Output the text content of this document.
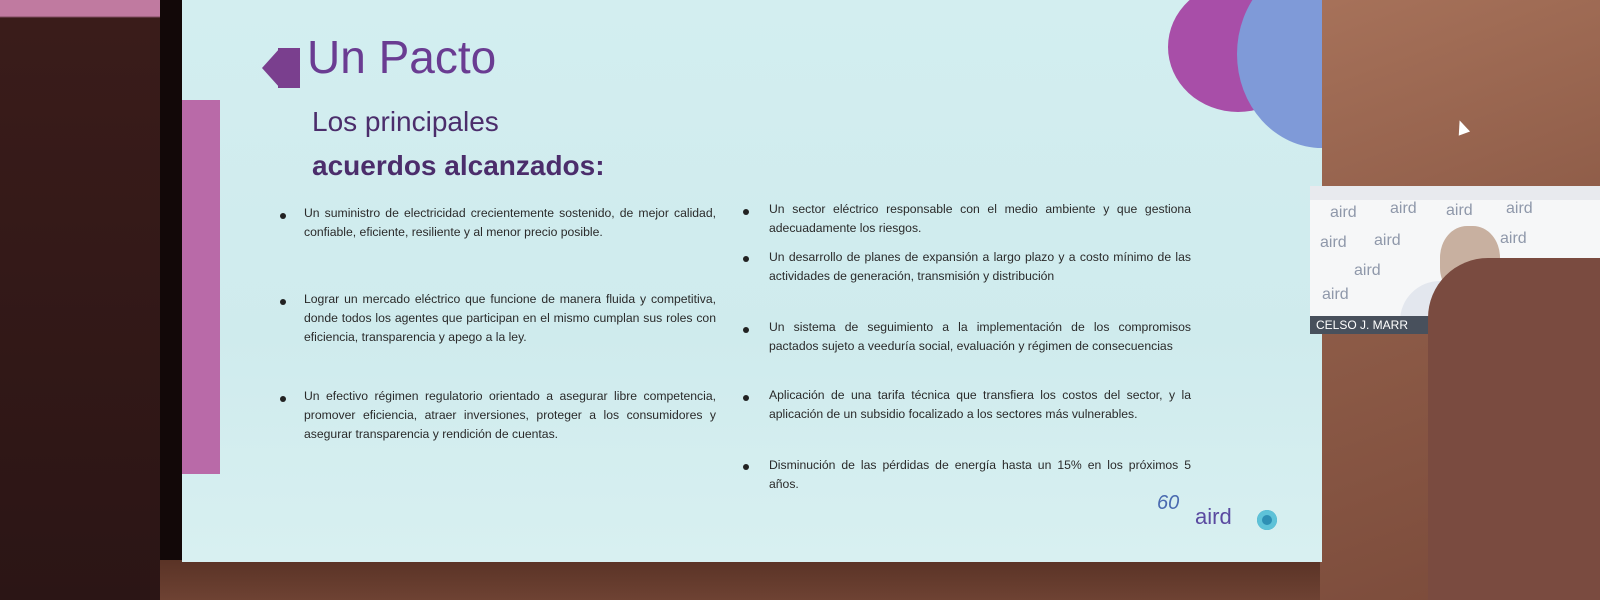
Un Pacto
Los principales
acuerdos alcanzados:
Un suministro de electricidad crecientemente sostenido, de mejor calidad, confiable, eficiente, resiliente y al menor precio posible.
Lograr un mercado eléctrico que funcione de manera fluida y competitiva, donde todos los agentes que participan en el mismo cumplan sus roles con eficiencia, transparencia y apego a la ley.
Un efectivo régimen regulatorio orientado a asegurar libre competencia, promover eficiencia, atraer inversiones, proteger a los consumidores y asegurar transparencia y rendición de cuentas.
Un sector eléctrico responsable con el medio ambiente y que gestiona adecuadamente los riesgos.
Un desarrollo de planes de expansión a largo plazo y a costo mínimo de las actividades de generación, transmisión y distribución
Un sistema de seguimiento a la implementación de los compromisos pactados sujeto a veeduría social, evaluación y régimen de consecuencias
Aplicación de una tarifa técnica que transfiera los costos del sector, y la aplicación de un subsidio focalizado a los sectores más vulnerables.
Disminución de las pérdidas de energía hasta un 15% en los próximos 5 años.
60
aird
aird aird aird aird
aird aird	aird
aird
aird
CELSO J. MARR
